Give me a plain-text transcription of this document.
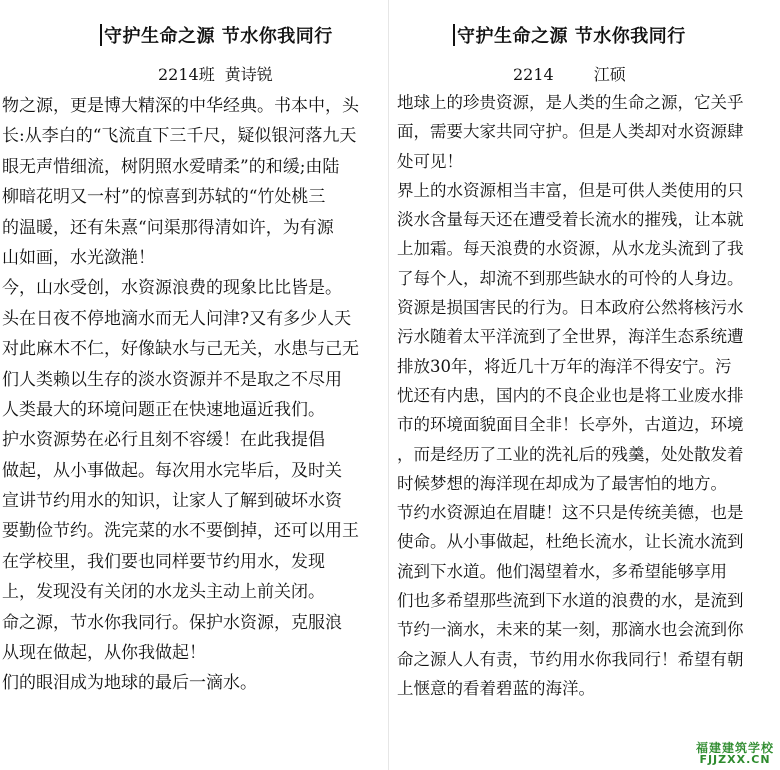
守护生命之源 节水你我同行
2214班 黄诗锐
物之源，更是博大精深的中华经典。书本中，头
长:从李白的“飞流直下三千尺，疑似银河落九天
眼无声惜细流，树阴照水爱晴柔”的和缓;由陆
柳暗花明又一村”的惊喜到苏轼的“竹处桃三
的温暖，还有朱熹“问渠那得清如许，为有源
山如画，水光潋滟！
今，山水受创，水资源浪费的现象比比皆是。
头在日夜不停地滴水而无人问津?又有多少人天
对此麻木不仁，好像缺水与己无关，水患与己无
们人类赖以生存的淡水资源并不是取之不尽用
人类最大的环境问题正在快速地逼近我们。
护水资源势在必行且刻不容缓！在此我提倡
做起，从小事做起。每次用水完毕后，及时关
宣讲节约用水的知识，让家人了解到破坏水资
要勤俭节约。洗完菜的水不要倒掉，还可以用王
在学校里，我们要也同样要节约用水，发现
上，发现没有关闭的水龙头主动上前关闭。
命之源，节水你我同行。保护水资源，克服浪
从现在做起，从你我做起！
们的眼泪成为地球的最后一滴水。
守护生命之源 节水你我同行
2214	江硕
地球上的珍贵资源，是人类的生命之源，它关乎
面，需要大家共同守护。但是人类却对水资源肆
处可见！
界上的水资源相当丰富，但是可供人类使用的只
淡水含量每天还在遭受着长流水的摧残，让本就
上加霜。每天浪费的水资源，从水龙头流到了我
了每个人，却流不到那些缺水的可怜的人身边。
资源是损国害民的行为。日本政府公然将核污水
污水随着太平洋流到了全世界，海洋生态系统遭
排放30年，将近几十万年的海洋不得安宁。污
忧还有内患，国内的不良企业也是将工业废水排
市的环境面貌面目全非！长亭外，古道边，环境
，而是经历了工业的洗礼后的残羹，处处散发着
时候梦想的海洋现在却成为了最害怕的地方。
节约水资源迫在眉睫！这不只是传统美德，也是
使命。从小事做起，杜绝长流水，让长流水流到
流到下水道。他们渴望着水，多希望能够享用
们也多希望那些流到下水道的浪费的水，是流到
节约一滴水，未来的某一刻，那滴水也会流到你
命之源人人有责，节约用水你我同行！希望有朝
上惬意的看着碧蓝的海洋。
福建建筑学校
FJJZXX.CN
